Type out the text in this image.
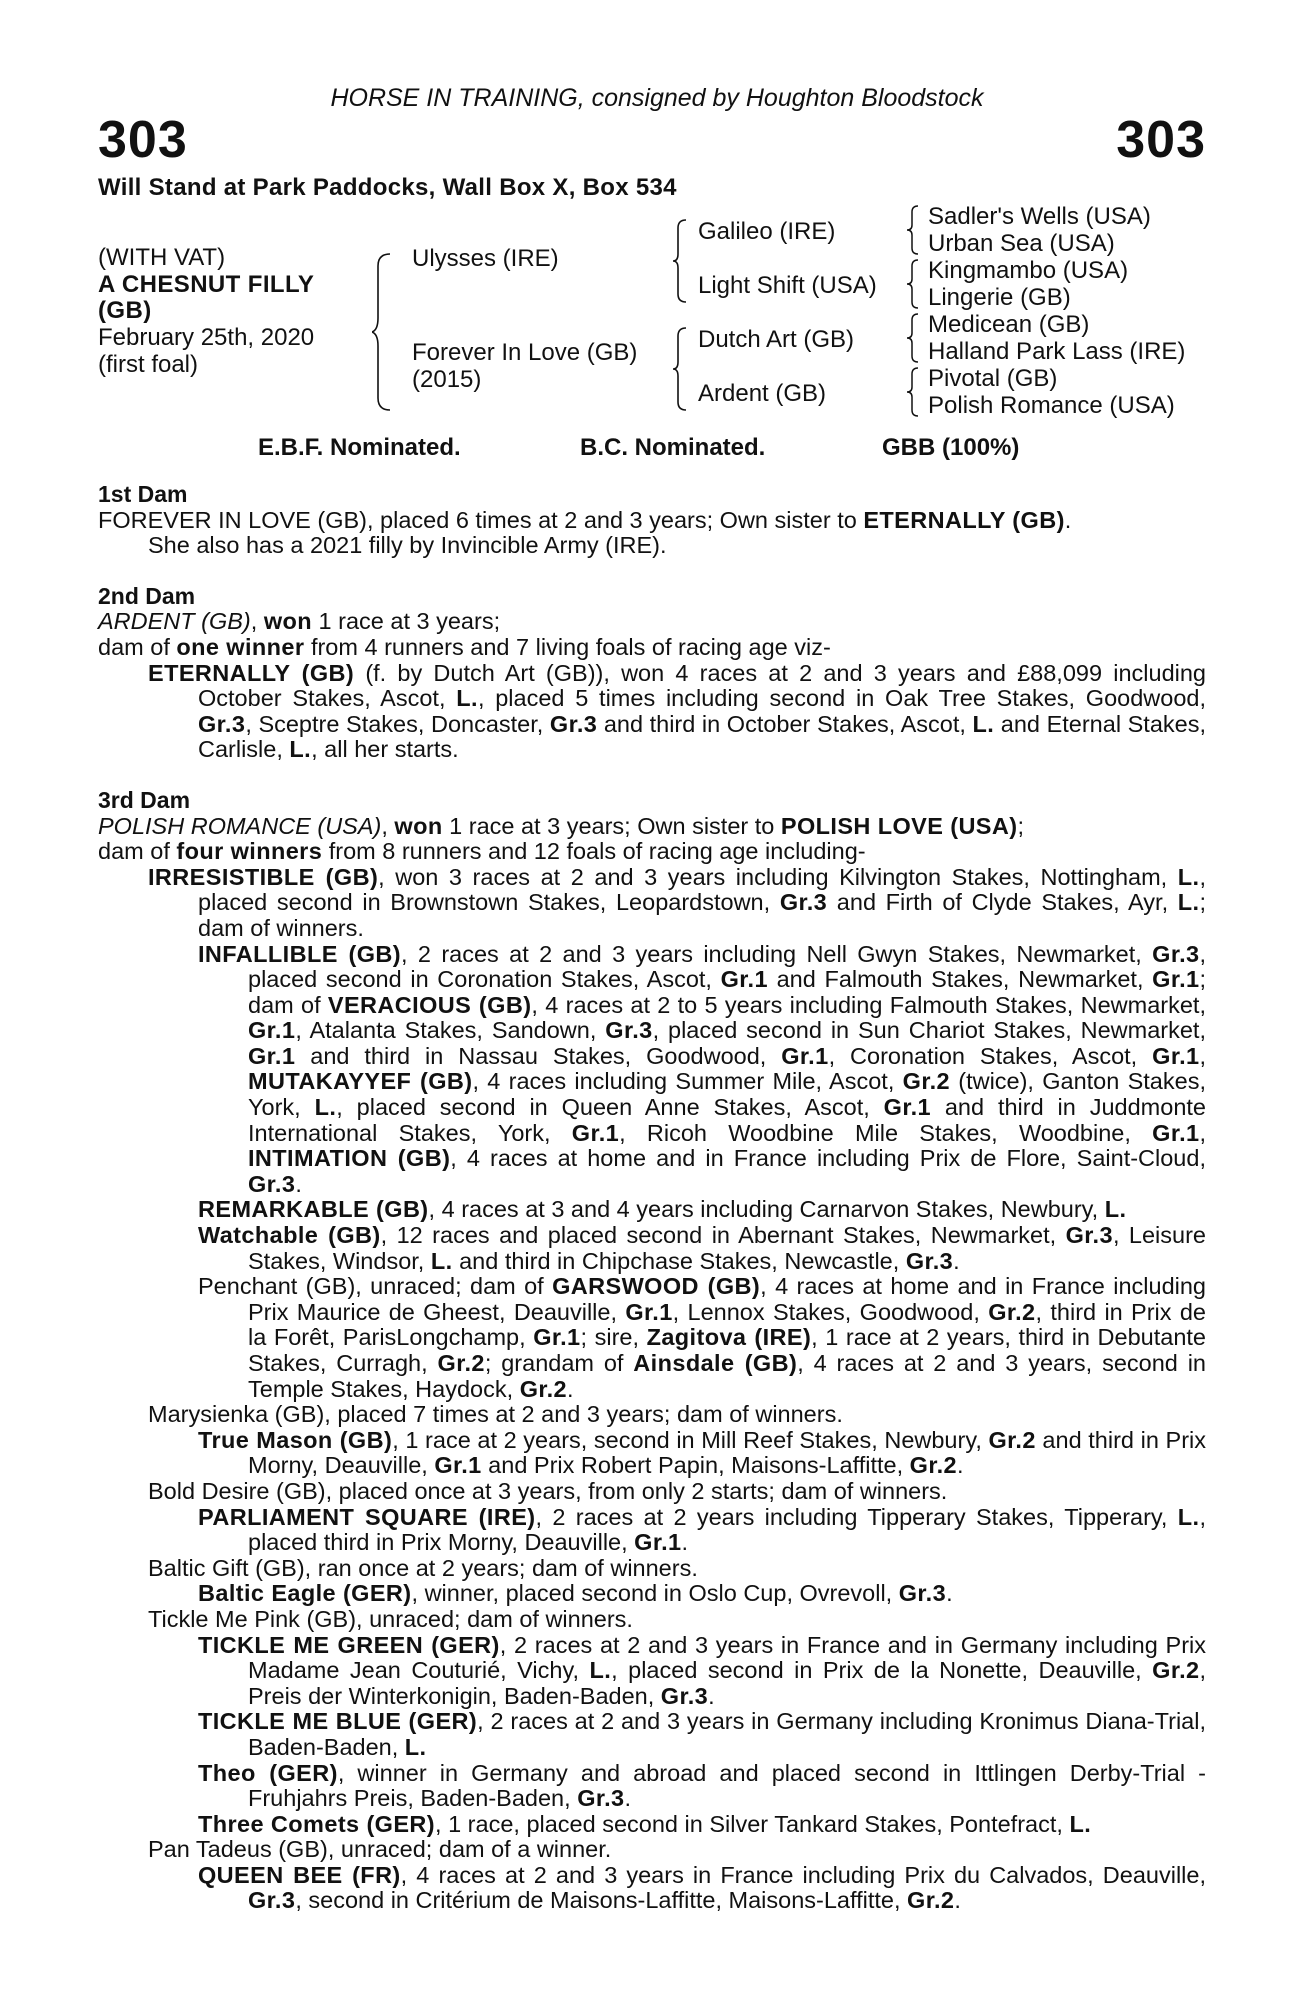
HORSE IN TRAINING, consigned by Houghton Bloodstock
303	303
Will Stand at Park Paddocks, Wall Box X, Box 534
(WITH VAT)
A CHESNUT FILLY
(GB)
February 25th, 2020
(first foal)
Ulysses (IRE)
Forever In Love (GB)
(2015)
Galileo (IRE)
Light Shift (USA)
Dutch Art (GB)
Ardent (GB)
Sadler's Wells (USA)
Urban Sea (USA)
Kingmambo (USA)
Lingerie (GB)
Medicean (GB)
Halland Park Lass (IRE)
Pivotal (GB)
Polish Romance (USA)
E.B.F. Nominated.	B.C. Nominated.	GBB (100%)

1st Dam

FOREVER IN LOVE (GB), placed 6 times at 2 and 3 years; Own sister to ETERNALLY (GB).

She also has a 2021 filly by Invincible Army (IRE).

2nd Dam

ARDENT (GB), won 1 race at 3 years;

dam of one winner from 4 runners and 7 living foals of racing age viz-

ETERNALLY (GB) (f. by Dutch Art (GB)), won 4 races at 2 and 3 years and £88,099 including October Stakes, Ascot, L., placed 5 times including second in Oak Tree Stakes, Goodwood, Gr.3, Sceptre Stakes, Doncaster, Gr.3 and third in October Stakes, Ascot, L. and Eternal Stakes, Carlisle, L., all her starts.

3rd Dam

POLISH ROMANCE (USA), won 1 race at 3 years; Own sister to POLISH LOVE (USA);

dam of four winners from 8 runners and 12 foals of racing age including-

IRRESISTIBLE (GB), won 3 races at 2 and 3 years including Kilvington Stakes, Nottingham, L., placed second in Brownstown Stakes, Leopardstown, Gr.3 and Firth of Clyde Stakes, Ayr, L.; dam of winners.

INFALLIBLE (GB), 2 races at 2 and 3 years including Nell Gwyn Stakes, Newmarket, Gr.3, placed second in Coronation Stakes, Ascot, Gr.1 and Falmouth Stakes, Newmarket, Gr.1; dam of VERACIOUS (GB), 4 races at 2 to 5 years including Falmouth Stakes, Newmarket, Gr.1, Atalanta Stakes, Sandown, Gr.3, placed second in Sun Chariot Stakes, Newmarket, Gr.1 and third in Nassau Stakes, Goodwood, Gr.1, Coronation Stakes, Ascot, Gr.1, MUTAKAYYEF (GB), 4 races including Summer Mile, Ascot, Gr.2 (twice), Ganton Stakes, York, L., placed second in Queen Anne Stakes, Ascot, Gr.1 and third in Juddmonte International Stakes, York, Gr.1, Ricoh Woodbine Mile Stakes, Woodbine, Gr.1, INTIMATION (GB), 4 races at home and in France including Prix de Flore, Saint-Cloud, Gr.3.

REMARKABLE (GB), 4 races at 3 and 4 years including Carnarvon Stakes, Newbury, L.

Watchable (GB), 12 races and placed second in Abernant Stakes, Newmarket, Gr.3, Leisure Stakes, Windsor, L. and third in Chipchase Stakes, Newcastle, Gr.3.

Penchant (GB), unraced; dam of GARSWOOD (GB), 4 races at home and in France including Prix Maurice de Gheest, Deauville, Gr.1, Lennox Stakes, Goodwood, Gr.2, third in Prix de la Forêt, ParisLongchamp, Gr.1; sire, Zagitova (IRE), 1 race at 2 years, third in Debutante Stakes, Curragh, Gr.2; grandam of Ainsdale (GB), 4 races at 2 and 3 years, second in Temple Stakes, Haydock, Gr.2.

Marysienka (GB), placed 7 times at 2 and 3 years; dam of winners.

True Mason (GB), 1 race at 2 years, second in Mill Reef Stakes, Newbury, Gr.2 and third in Prix Morny, Deauville, Gr.1 and Prix Robert Papin, Maisons-Laffitte, Gr.2.

Bold Desire (GB), placed once at 3 years, from only 2 starts; dam of winners.

PARLIAMENT SQUARE (IRE), 2 races at 2 years including Tipperary Stakes, Tipperary, L., placed third in Prix Morny, Deauville, Gr.1.

Baltic Gift (GB), ran once at 2 years; dam of winners.

Baltic Eagle (GER), winner, placed second in Oslo Cup, Ovrevoll, Gr.3.

Tickle Me Pink (GB), unraced; dam of winners.

TICKLE ME GREEN (GER), 2 races at 2 and 3 years in France and in Germany including Prix Madame Jean Couturié, Vichy, L., placed second in Prix de la Nonette, Deauville, Gr.2, Preis der Winterkonigin, Baden-Baden, Gr.3.

TICKLE ME BLUE (GER), 2 races at 2 and 3 years in Germany including Kronimus Diana-Trial, Baden-Baden, L.

Theo (GER), winner in Germany and abroad and placed second in Ittlingen Derby-Trial - Fruhjahrs Preis, Baden-Baden, Gr.3.

Three Comets (GER), 1 race, placed second in Silver Tankard Stakes, Pontefract, L.

Pan Tadeus (GB), unraced; dam of a winner.

QUEEN BEE (FR), 4 races at 2 and 3 years in France including Prix du Calvados, Deauville, Gr.3, second in Critérium de Maisons-Laffitte, Maisons-Laffitte, Gr.2.
